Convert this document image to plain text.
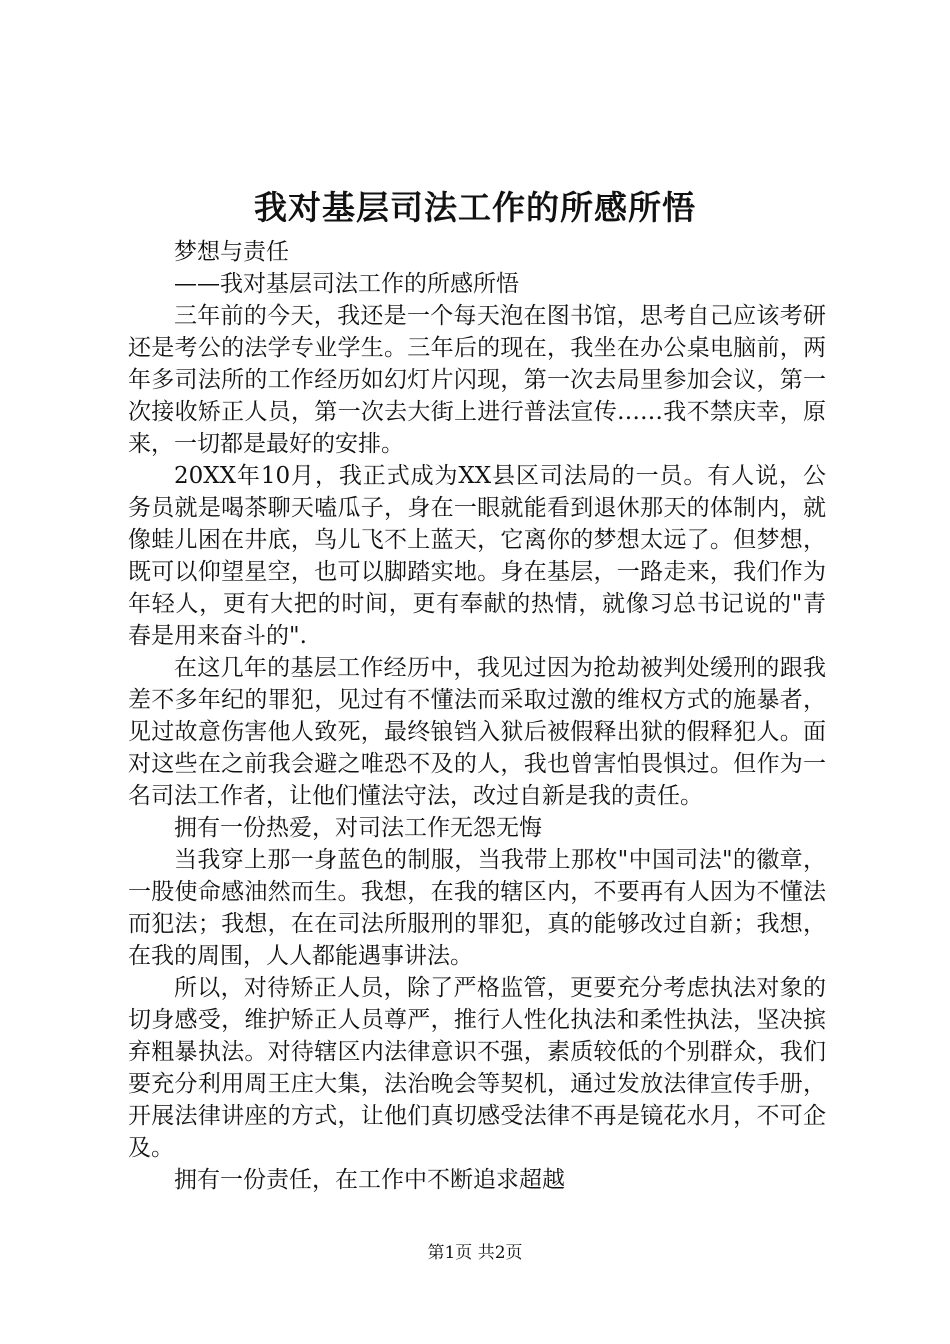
我对基层司法工作的所感所悟

梦想与责任

——我对基层司法工作的所感所悟

三年前的今天，我还是一个每天泡在图书馆，思考自己应该考研还是考公的法学专业学生。三年后的现在，我坐在办公桌电脑前，两年多司法所的工作经历如幻灯片闪现，第一次去局里参加会议，第一次接收矫正人员，第一次去大街上进行普法宣传……我不禁庆幸，原来，一切都是最好的安排。

20XX年10月，我正式成为XX县区司法局的一员。有人说，公务员就是喝茶聊天嗑瓜子，身在一眼就能看到退休那天的体制内，就像蛙儿困在井底，鸟儿飞不上蓝天，它离你的梦想太远了。但梦想，既可以仰望星空，也可以脚踏实地。身在基层，一路走来，我们作为年轻人，更有大把的时间，更有奉献的热情，就像习总书记说的"青春是用来奋斗的".

在这几年的基层工作经历中，我见过因为抢劫被判处缓刑的跟我差不多年纪的罪犯，见过有不懂法而采取过激的维权方式的施暴者，见过故意伤害他人致死，最终锒铛入狱后被假释出狱的假释犯人。面对这些在之前我会避之唯恐不及的人，我也曾害怕畏惧过。但作为一名司法工作者，让他们懂法守法，改过自新是我的责任。

拥有一份热爱，对司法工作无怨无悔

当我穿上那一身蓝色的制服，当我带上那枚"中国司法"的徽章，一股使命感油然而生。我想，在我的辖区内，不要再有人因为不懂法而犯法；我想，在在司法所服刑的罪犯，真的能够改过自新；我想，在我的周围，人人都能遇事讲法。

所以，对待矫正人员，除了严格监管，更要充分考虑执法对象的切身感受，维护矫正人员尊严，推行人性化执法和柔性执法，坚决摈弃粗暴执法。对待辖区内法律意识不强，素质较低的个别群众，我们要充分利用周王庄大集，法治晚会等契机，通过发放法律宣传手册，开展法律讲座的方式，让他们真切感受法律不再是镜花水月，不可企及。

拥有一份责任，在工作中不断追求超越

第1页 共2页
